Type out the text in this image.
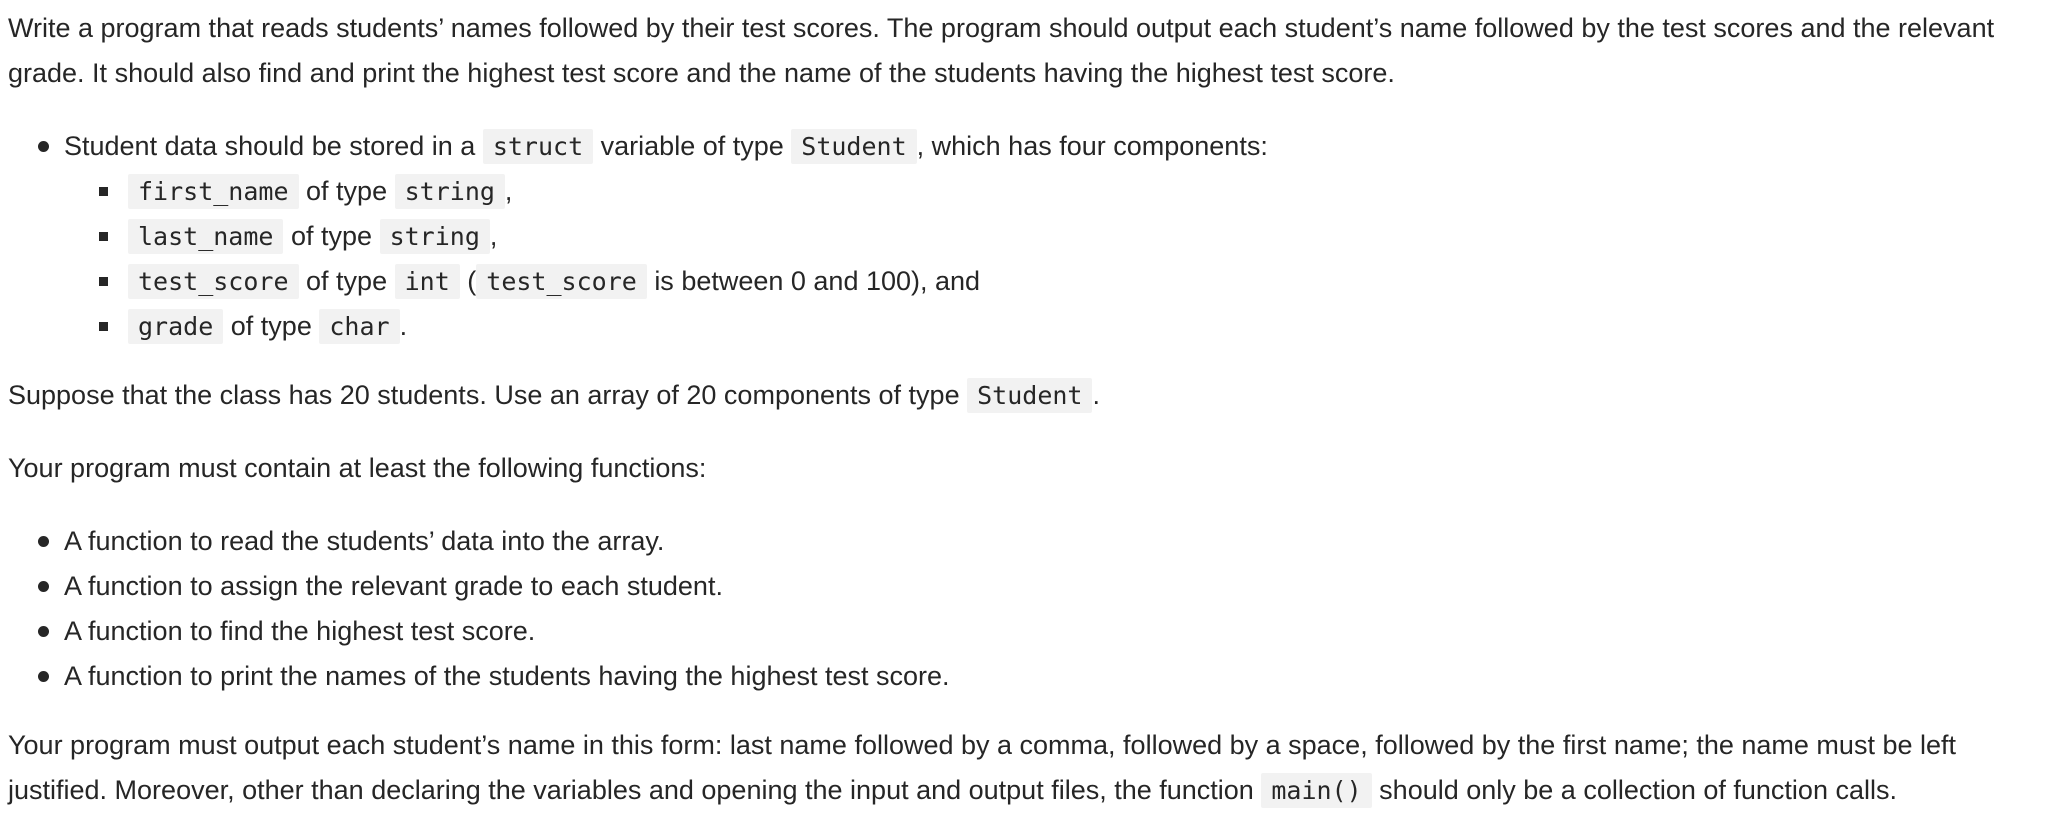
Write a program that reads students’ names followed by their test scores. The program should output each student’s name followed by the test scores and the relevant grade. It should also find and print the highest test score and the name of the students having the highest test score.

Student data should be stored in a struct variable of type Student , which has four components:
first_name of type string ,
last_name of type string ,
test_score of type int ( test_score is between 0 and 100), and
grade of type char .

Suppose that the class has 20 students. Use an array of 20 components of type Student .

Your program must contain at least the following functions:

A function to read the students’ data into the array.
A function to assign the relevant grade to each student.
A function to find the highest test score.
A function to print the names of the students having the highest test score.

Your program must output each student’s name in this form: last name followed by a comma, followed by a space, followed by the first name; the name must be left justified. Moreover, other than declaring the variables and opening the input and output files, the function main() should only be a collection of function calls.
